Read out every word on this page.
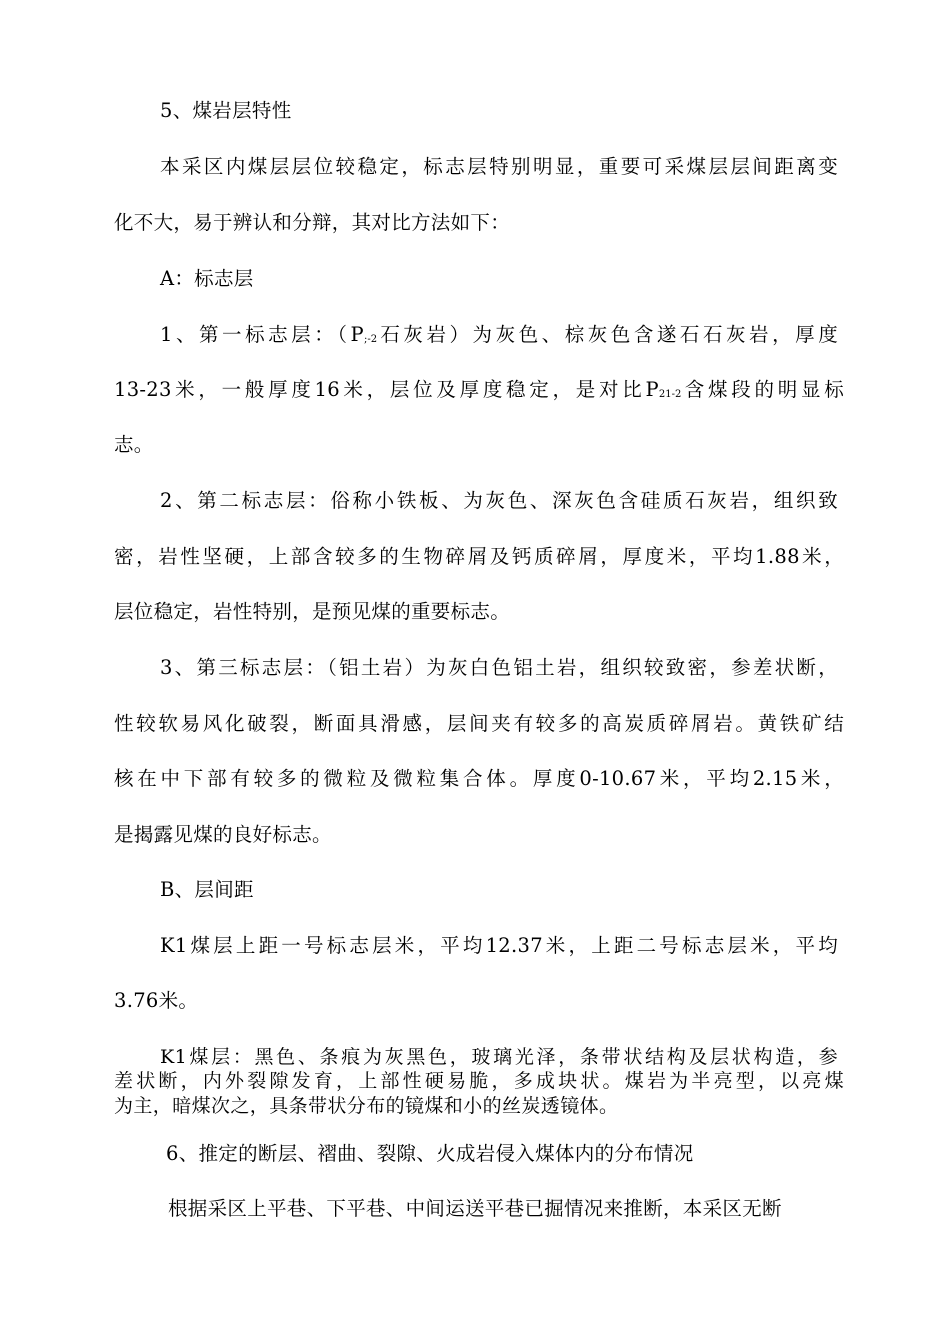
5、煤岩层特性
本采区内煤层层位较稳定，标志层特别明显，重要可采煤层层间距离变
化不大，易于辨认和分辩，其对比方法如下：
A：标志层
1、第一标志层：（$P_{;-2}$石灰岩）为灰色、棕灰色含遂石石灰岩，厚度
13-23米，一般厚度16米，层位及厚度稳定，是对比$P_{21-2}$含煤段的明显标
志。
2、第二标志层：俗称小铁板、为灰色、深灰色含硅质石灰岩，组织致
密，岩性坚硬，上部含较多的生物碎屑及钙质碎屑，厚度米，平均1.88米，
层位稳定，岩性特别，是预见煤的重要标志。
3、第三标志层：（铝土岩）为灰白色铝土岩，组织较致密，参差状断，
性较软易风化破裂，断面具滑感，层间夹有较多的高炭质碎屑岩。黄铁矿结
核在中下部有较多的微粒及微粒集合体。厚度0-10.67米，平均2.15米，
是揭露见煤的良好标志。
B、层间距
K1煤层上距一号标志层米，平均12.37米，上距二号标志层米，平均
3.76米。
K1煤层：黑色、条痕为灰黑色，玻璃光泽，条带状结构及层状构造，参
差状断，内外裂隙发育，上部性硬易脆，多成块状。煤岩为半亮型，以亮煤
为主，暗煤次之，具条带状分布的镜煤和小的丝炭透镜体。
6、推定的断层、褶曲、裂隙、火成岩侵入煤体内的分布情况
根据采区上平巷、下平巷、中间运送平巷已掘情况来推断，本采区无断
